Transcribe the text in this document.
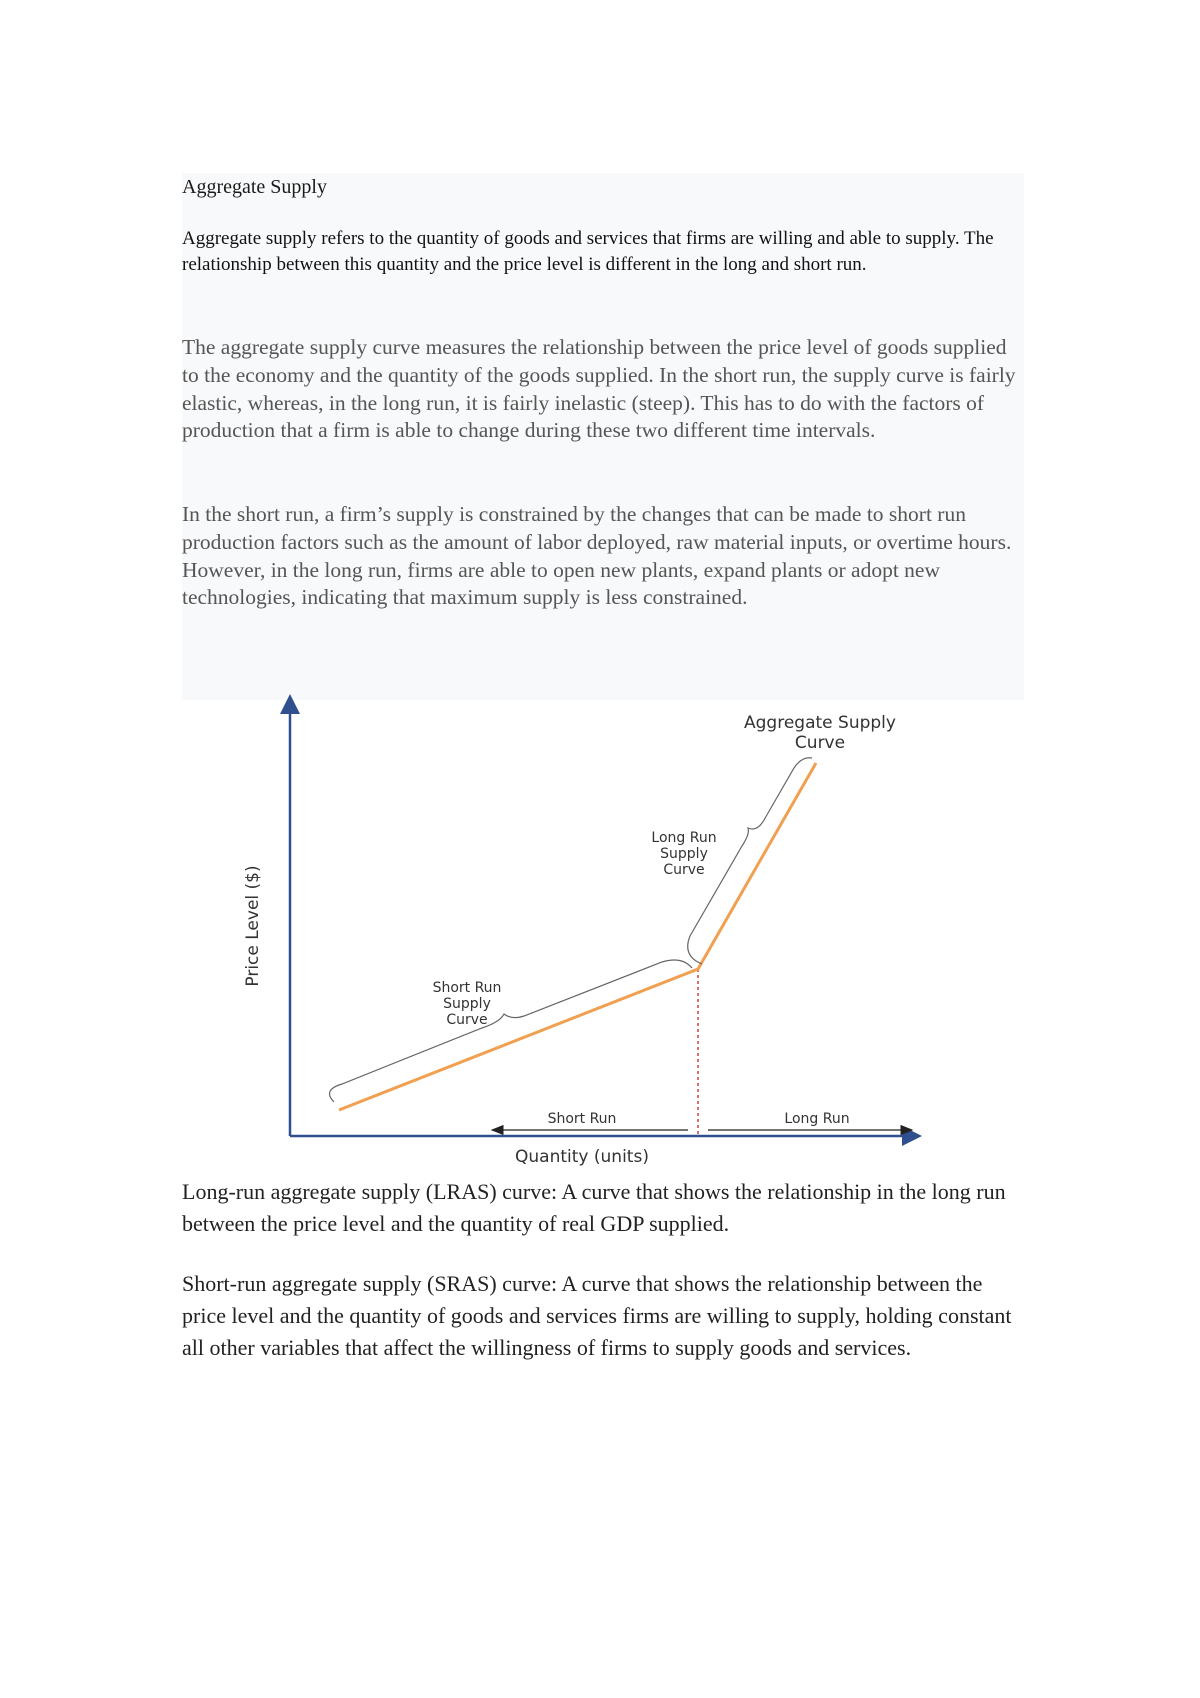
Aggregate Supply

Aggregate supply refers to the quantity of goods and services that firms are willing and able to supply. The relationship between this quantity and the price level is different in the long and short run.

The aggregate supply curve measures the relationship between the price level of goods supplied to the economy and the quantity of the goods supplied. In the short run, the supply curve is fairly elastic, whereas, in the long run, it is fairly inelastic (steep). This has to do with the factors of production that a firm is able to change during these two different time intervals.

In the short run, a firm’s supply is constrained by the changes that can be made to short run production factors such as the amount of labor deployed, raw material inputs, or overtime hours. However, in the long run, firms are able to open new plants, expand plants or adopt new technologies, indicating that maximum supply is less constrained.

Aggregate Supply
Curve
Long Run
Supply
Curve
Short Run
Supply
Curve
Short Run	Long Run
Quantity (units)
Price Level ($)

Long-run aggregate supply (LRAS) curve: A curve that shows the relationship in the long run between the price level and the quantity of real GDP supplied.

Short-run aggregate supply (SRAS) curve: A curve that shows the relationship between the price level and the quantity of goods and services firms are willing to supply, holding constant all other variables that affect the willingness of firms to supply goods and services.
